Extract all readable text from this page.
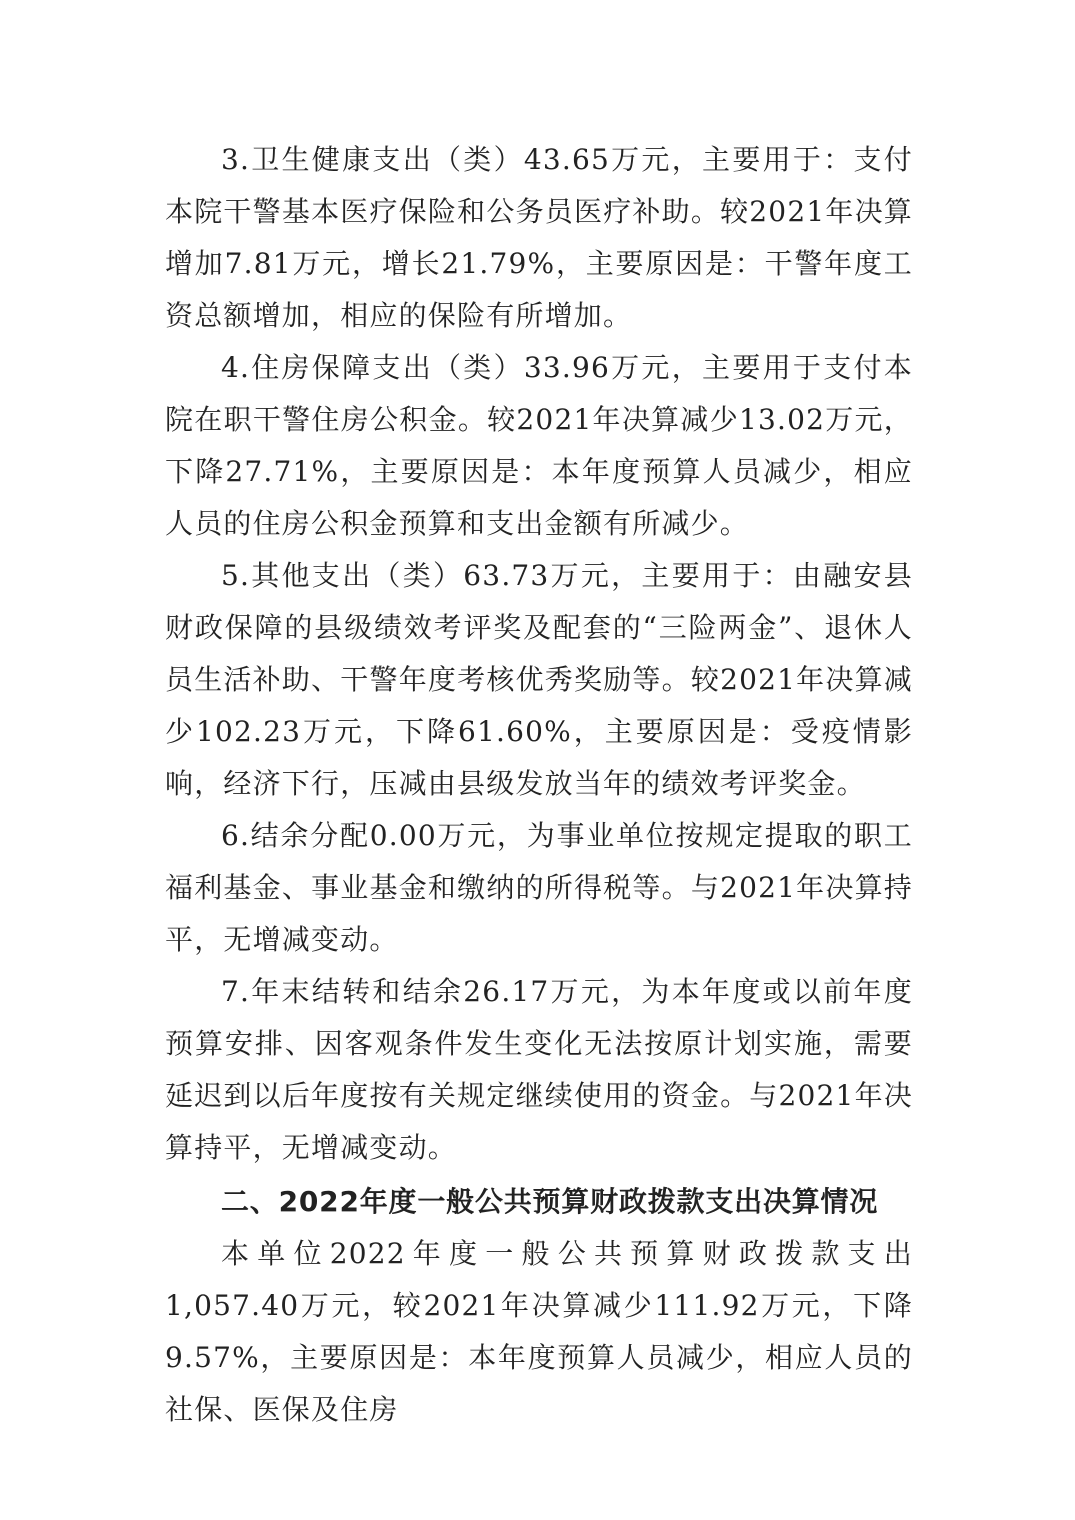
3.卫生健康支出（类）43.65万元，主要用于：支付本院干警基本医疗保险和公务员医疗补助。较2021年决算增加7.81万元，增长21.79%，主要原因是：干警年度工资总额增加，相应的保险有所增加。

4.住房保障支出（类）33.96万元，主要用于支付本院在职干警住房公积金。较2021年决算减少13.02万元，下降27.71%，主要原因是：本年度预算人员减少，相应人员的住房公积金预算和支出金额有所减少。

5.其他支出（类）63.73万元，主要用于：由融安县财政保障的县级绩效考评奖及配套的“三险两金”、退休人员生活补助、干警年度考核优秀奖励等。较2021年决算减少102.23万元，下降61.60%，主要原因是：受疫情影响，经济下行，压减由县级发放当年的绩效考评奖金。

6.结余分配0.00万元，为事业单位按规定提取的职工福利基金、事业基金和缴纳的所得税等。与2021年决算持平，无增减变动。

7.年末结转和结余26.17万元，为本年度或以前年度预算安排、因客观条件发生变化无法按原计划实施，需要延迟到以后年度按有关规定继续使用的资金。与2021年决算持平，无增减变动。

二、2022年度一般公共预算财政拨款支出决算情况

本单位2022年度一般公共预算财政拨款支出1,057.40万元，较2021年决算减少111.92万元，下降9.57%，主要原因是：本年度预算人员减少，相应人员的社保、医保及住房
